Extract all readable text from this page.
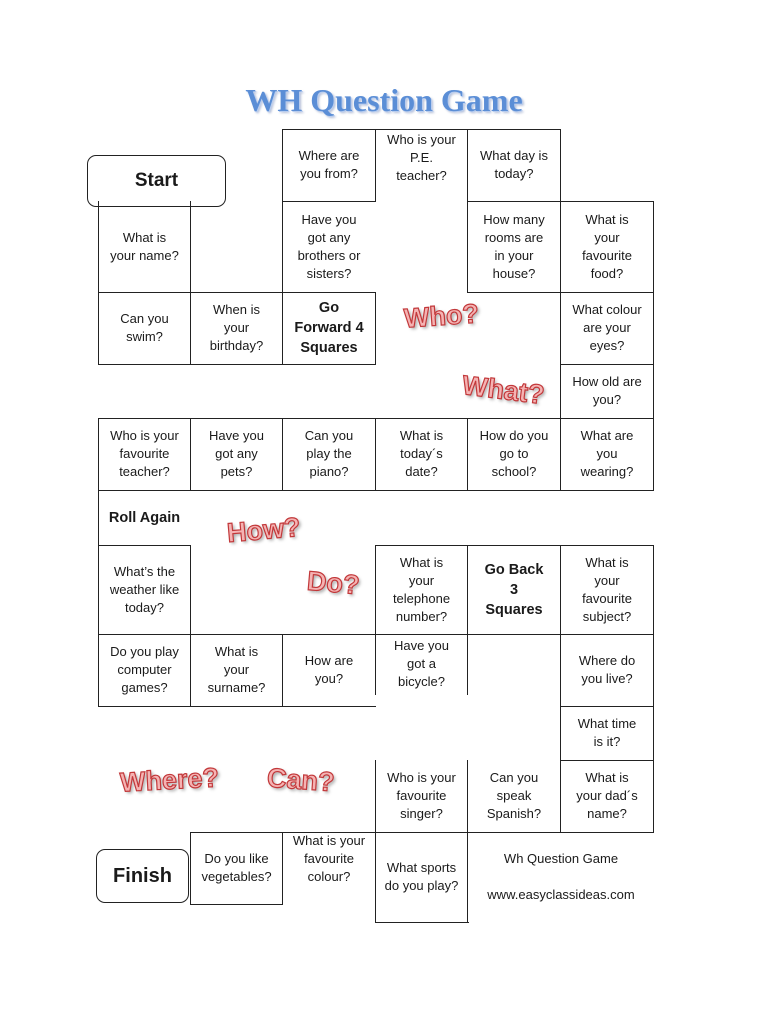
WH Question Game
Start
Finish
Where are
you from?
Who is your
P.E.
teacher?
What day is
today?
What is
your name?
Have you
got any
brothers or
sisters?
How many
rooms are
in your
house?
What is
your
favourite
food?
Can you
swim?
When is
your
birthday?
Go
Forward 4
Squares
What colour
are your
eyes?
How old are
you?
Who is your
favourite
teacher?
Have you
got any
pets?
Can you
play the
piano?
What is
today´s
date?
How do you
go to
school?
What are
you
wearing?
Roll Again
What’s the
weather like
today?
What is
your
telephone
number?
Go Back
3
Squares
What is
your
favourite
subject?
Do you play
computer
games?
What is
your
surname?
How are
you?
Have you
got a
bicycle?
Where do
you live?
What time
is it?
Who is your
favourite
singer?
Can you
speak
Spanish?
What is
your dad´s
name?
Do you like
vegetables?
What is your
favourite
colour?
What sports
do you play?
Wh Question Game
www.easyclassideas.com
Who?
What?
How?
Do?
Where? Can?
